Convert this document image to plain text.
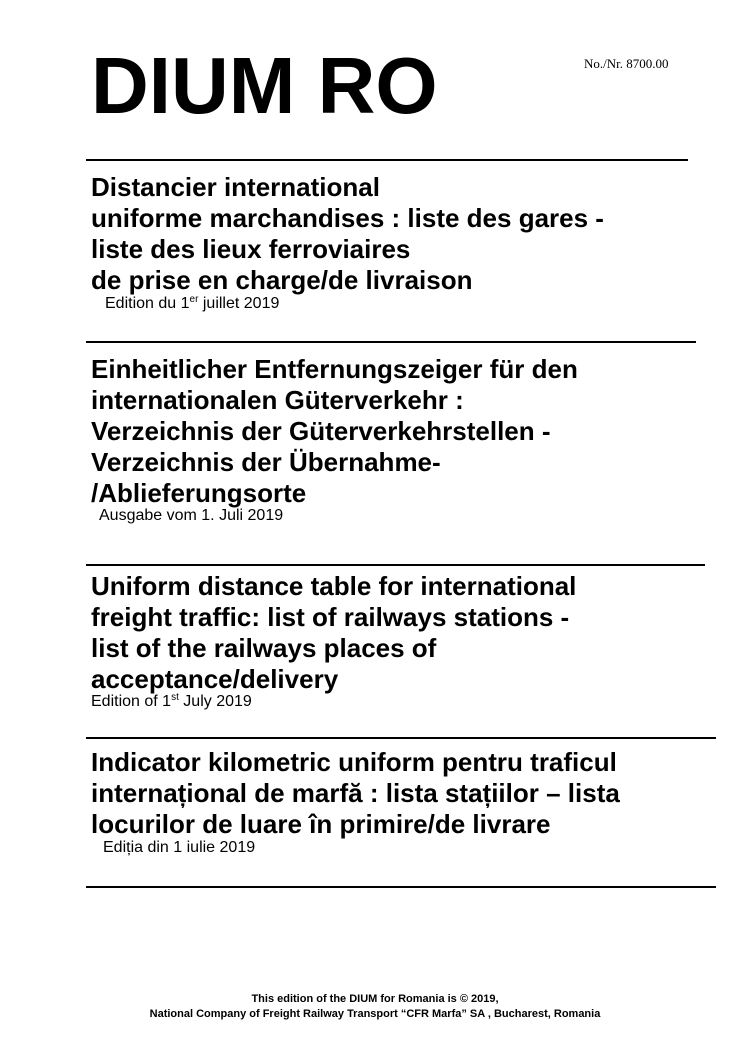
DIUM RO	No./Nr. 8700.00
Distancier international
uniforme marchandises : liste des gares -
liste des lieux ferroviaires
de prise en charge/de livraison
Edition du 1er juillet 2019
Einheitlicher Entfernungszeiger für den
internationalen Güterverkehr :
Verzeichnis der Güterverkehrstellen -
Verzeichnis der Übernahme-
/Ablieferungsorte
Ausgabe vom 1. Juli 2019
Uniform distance table for international
freight traffic: list of railways stations -
list of the railways places of
acceptance/delivery
Edition of 1st July 2019
Indicator kilometric uniform pentru traficul
internațional de marfă : lista stațiilor – lista
locurilor de luare în primire/de livrare
Ediția din 1 iulie 2019
This edition of the DIUM for Romania is © 2019,
National Company of Freight Railway Transport “CFR Marfa” SA , Bucharest, Romania
